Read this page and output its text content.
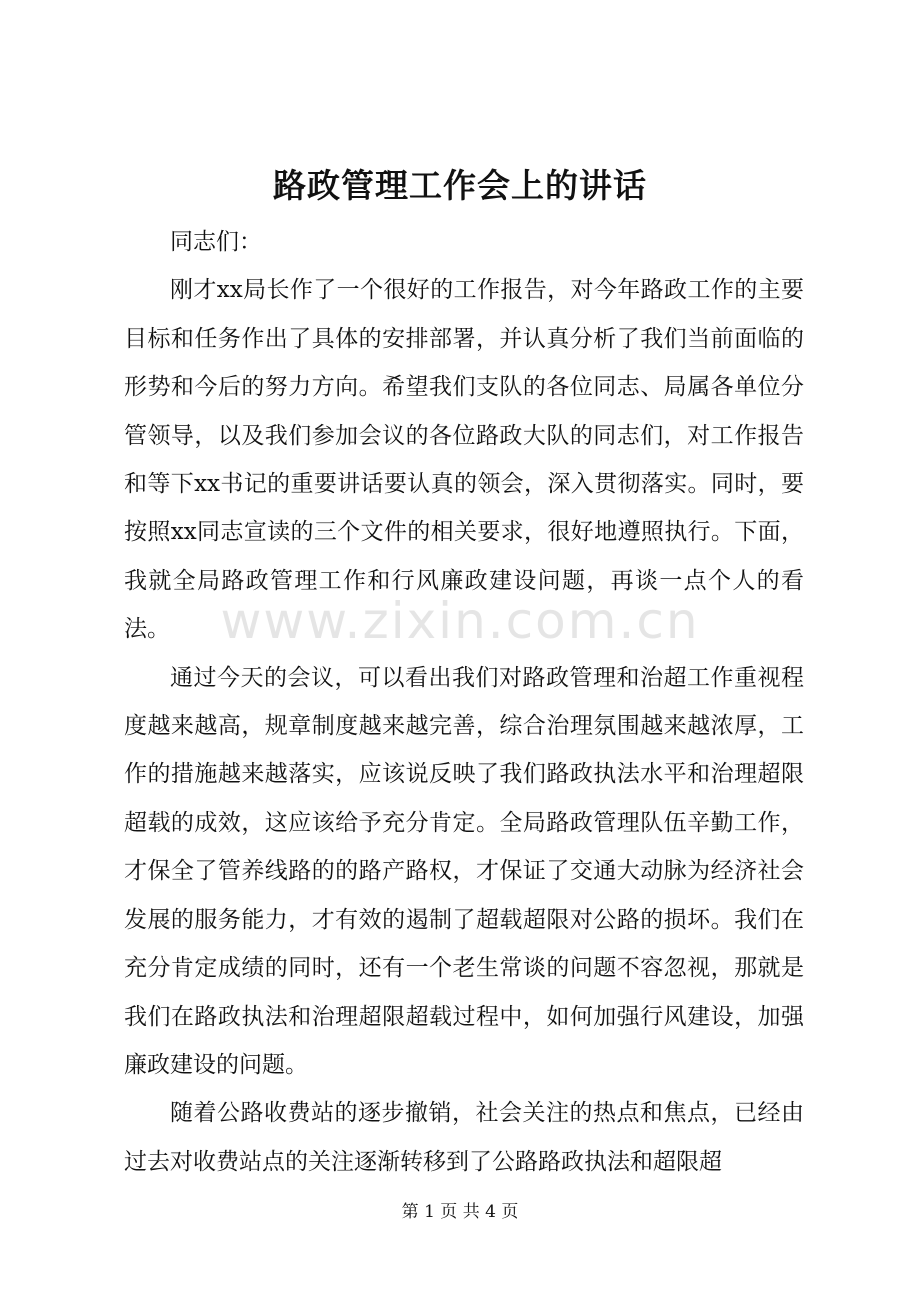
路政管理工作会上的讲话

同志们：

刚才xx局长作了一个很好的工作报告，对今年路政工作的主要目标和任务作出了具体的安排部署，并认真分析了我们当前面临的形势和今后的努力方向。希望我们支队的各位同志、局属各单位分管领导，以及我们参加会议的各位路政大队的同志们，对工作报告和等下xx书记的重要讲话要认真的领会，深入贯彻落实。同时，要按照xx同志宣读的三个文件的相关要求，很好地遵照执行。下面，我就全局路政管理工作和行风廉政建设问题，再谈一点个人的看法。

通过今天的会议，可以看出我们对路政管理和治超工作重视程度越来越高，规章制度越来越完善，综合治理氛围越来越浓厚，工作的措施越来越落实，应该说反映了我们路政执法水平和治理超限超载的成效，这应该给予充分肯定。全局路政管理队伍辛勤工作，才保全了管养线路的的路产路权，才保证了交通大动脉为经济社会发展的服务能力，才有效的遏制了超载超限对公路的损坏。我们在充分肯定成绩的同时，还有一个老生常谈的问题不容忽视，那就是我们在路政执法和治理超限超载过程中，如何加强行风建设，加强廉政建设的问题。

随着公路收费站的逐步撤销，社会关注的热点和焦点，已经由过去对收费站点的关注逐渐转移到了公路路政执法和超限超

www.zixin.com.cn
第 1 页 共 4 页
